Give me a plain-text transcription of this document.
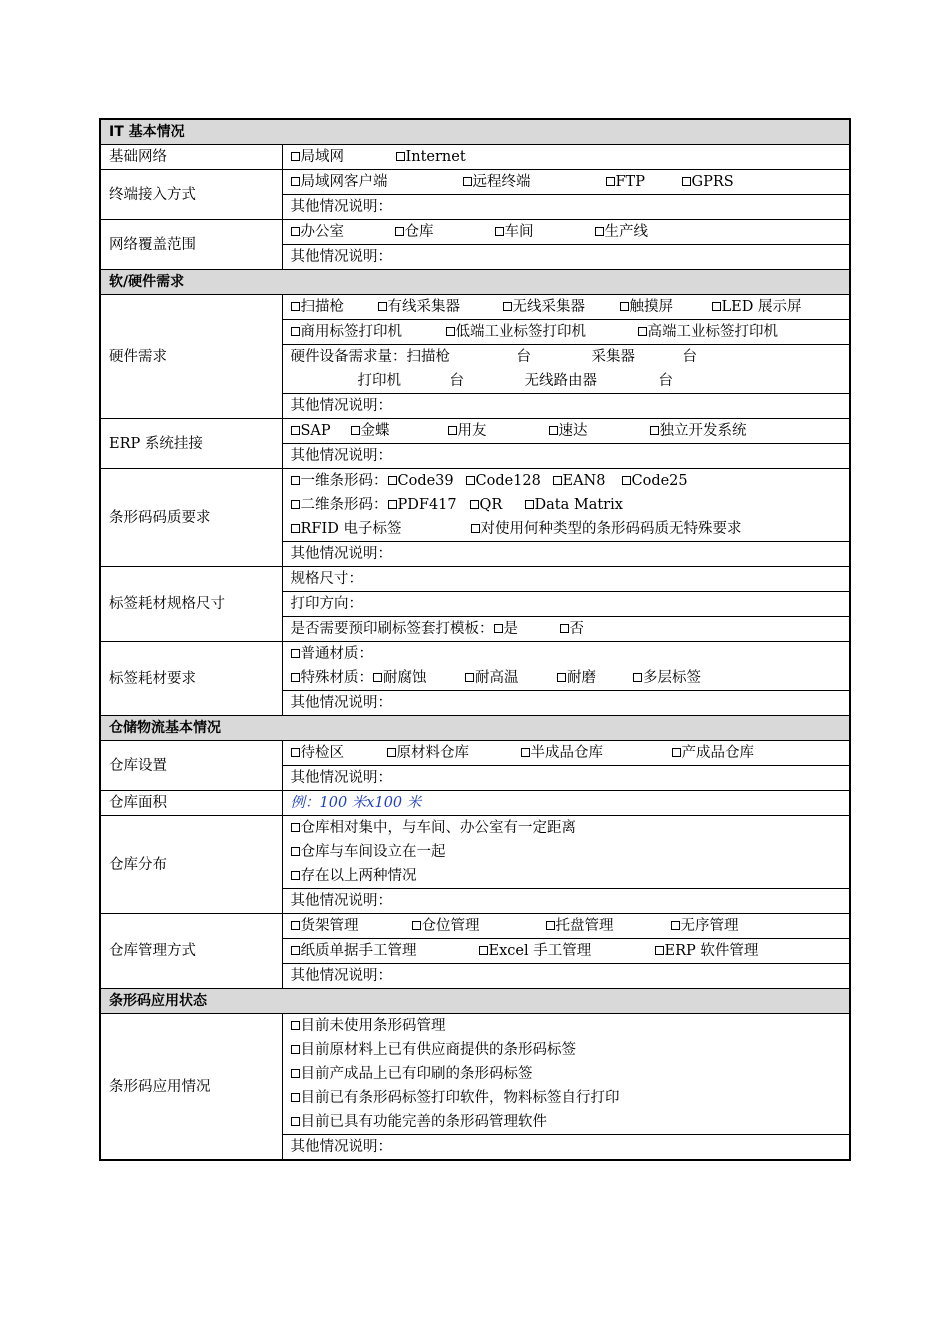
IT 基本情况	
基础网络	局域网 Internet
终端接入方式	局域网客户端 远程终端 FTP GPRS
	其他情况说明：
网络覆盖范围	办公室 仓库 车间 生产线
	其他情况说明：
软/硬件需求	
硬件需求	扫描枪 有线采集器 无线采集器 触摸屏 LED 展示屏
	商用标签打印机 低端工业标签打印机 高端工业标签打印机

	硬件设备需求量：扫描枪 台 采集器 台
打印机 台 无线路由器 台

	其他情况说明：
ERP 系统挂接	SAP 金蝶 用友 速达 独立开发系统
	其他情况说明：
条形码码质要求	一维条形码： Code39 Code128 EAN8 Code25
二维条形码： PDF417 QR Data Matrix
RFID 电子标签 对使用何种类型的条形码码质无特殊要求

	其他情况说明：
标签耗材规格尺寸	规格尺寸：
	打印方向：
	是否需要预印刷标签套打模板： 是 否
标签耗材要求	普通材质：
特殊材质： 耐腐蚀 耐高温 耐磨 多层标签

	其他情况说明：
仓储物流基本情况	
仓库设置	待检区 原材料仓库 半成品仓库 产成品仓库
	其他情况说明：
仓库面积	例：100 米x100 米
仓库分布	仓库相对集中，与车间、办公室有一定距离
仓库与车间设立在一起
存在以上两种情况

	其他情况说明：
仓库管理方式	货架管理 仓位管理 托盘管理 无序管理
	纸质单据手工管理 Excel 手工管理 ERP 软件管理
	其他情况说明：
条形码应用状态	
条形码应用情况	目前未使用条形码管理
目前原材料上已有供应商提供的条形码标签
目前产成品上已有印刷的条形码标签
目前已有条形码标签打印软件，物料标签自行打印
目前已具有功能完善的条形码管理软件

	其他情况说明：
